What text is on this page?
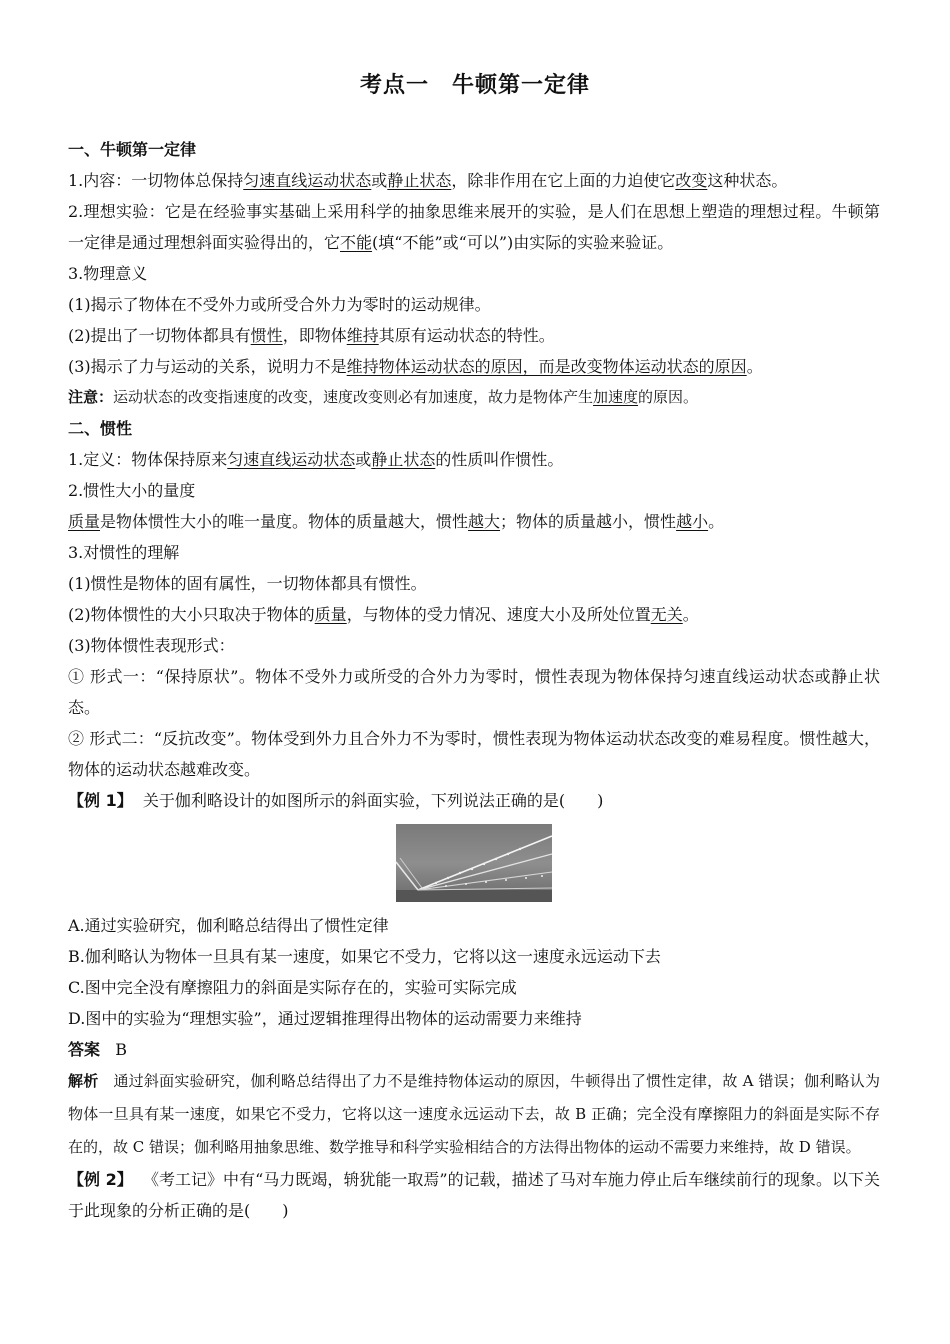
考点一　牛顿第一定律
一、牛顿第一定律
1.内容：一切物体总保持匀速直线运动状态或静止状态，除非作用在它上面的力迫使它改变这种状态。
2.理想实验：它是在经验事实基础上采用科学的抽象思维来展开的实验，是人们在思想上塑造的理想过程。牛顿第一定律是通过理想斜面实验得出的，它不能(填“不能”或“可以”)由实际的实验来验证。
3.物理意义
(1)揭示了物体在不受外力或所受合外力为零时的运动规律。
(2)提出了一切物体都具有惯性，即物体维持其原有运动状态的特性。
(3)揭示了力与运动的关系，说明力不是维持物体运动状态的原因，而是改变物体运动状态的原因。
注意：运动状态的改变指速度的改变，速度改变则必有加速度，故力是物体产生加速度的原因。
二、惯性
1.定义：物体保持原来匀速直线运动状态或静止状态的性质叫作惯性。
2.惯性大小的量度
质量是物体惯性大小的唯一量度。物体的质量越大，惯性越大；物体的质量越小，惯性越小。
3.对惯性的理解
(1)惯性是物体的固有属性，一切物体都具有惯性。
(2)物体惯性的大小只取决于物体的质量，与物体的受力情况、速度大小及所处位置无关。
(3)物体惯性表现形式：
① 形式一：“保持原状”。物体不受外力或所受的合外力为零时，惯性表现为物体保持匀速直线运动状态或静止状态。
② 形式二：“反抗改变”。物体受到外力且合外力不为零时，惯性表现为物体运动状态改变的难易程度。惯性越大，物体的运动状态越难改变。
【例 1】 关于伽利略设计的如图所示的斜面实验，下列说法正确的是(　　)
A.通过实验研究，伽利略总结得出了惯性定律
B.伽利略认为物体一旦具有某一速度，如果它不受力，它将以这一速度永远运动下去
C.图中完全没有摩擦阻力的斜面是实际存在的，实验可实际完成
D.图中的实验为“理想实验”，通过逻辑推理得出物体的运动需要力来维持
答案 B
解析 通过斜面实验研究，伽利略总结得出了力不是维持物体运动的原因，牛顿得出了惯性定律，故 A 错误；伽利略认为物体一旦具有某一速度，如果它不受力，它将以这一速度永远运动下去，故 B 正确；完全没有摩擦阻力的斜面是实际不存在的，故 C 错误；伽利略用抽象思维、数学推导和科学实验相结合的方法得出物体的运动不需要力来维持，故 D 错误。
【例 2】 《考工记》中有“马力既竭，辀犹能一取焉”的记载，描述了马对车施力停止后车继续前行的现象。以下关于此现象的分析正确的是(　　)
